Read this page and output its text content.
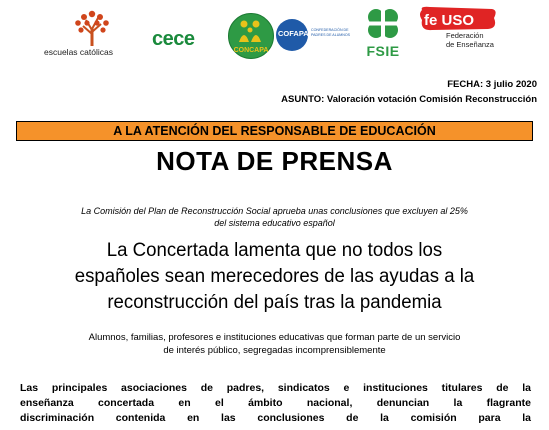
escuelas católicas
cece
CONCAPA
COFAPA CONFEDERACIÓN DE PADRES DE ALUMNOS
FSIE
fe USO
Federación
de Enseñanza
FECHA: 3 julio 2020
ASUNTO: Valoración votación Comisión Reconstrucción
A LA ATENCIÓN DEL RESPONSABLE DE EDUCACIÓN
NOTA DE PRENSA
La Comisión del Plan de Reconstrucción Social aprueba unas conclusiones que excluyen al 25%
del sistema educativo español
La Concertada lamenta que no todos los
españoles sean merecedores de las ayudas a la
reconstrucción del país tras la pandemia
Alumnos, familias, profesores e instituciones educativas que forman parte de un servicio
de interés público, segregadas incomprensiblemente
Las principales asociaciones de padres, sindicatos e instituciones titulares de la
enseñanza concertada en el ámbito nacional, denuncian la flagrante
discriminación contenida en las conclusiones de la comisión para la
